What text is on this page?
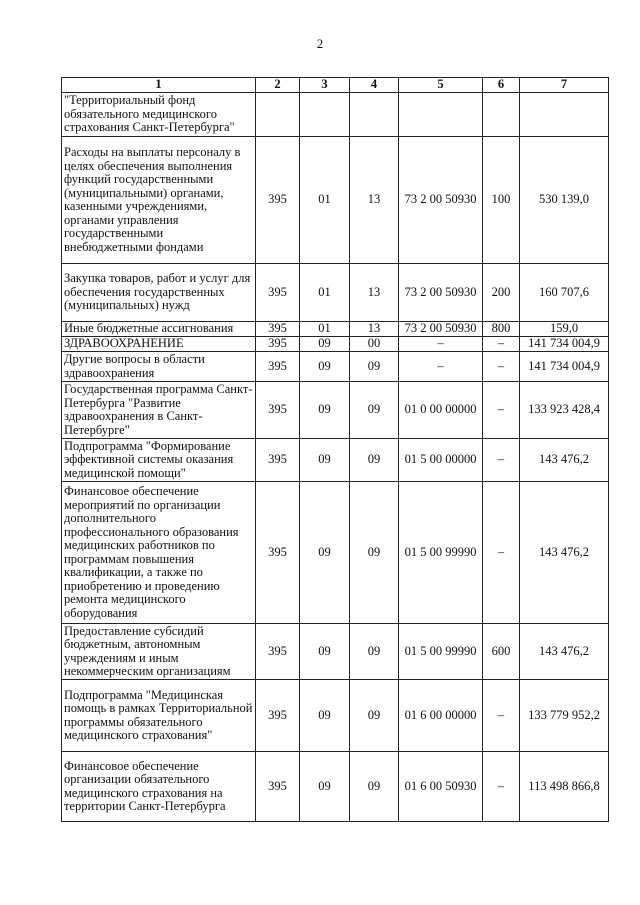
2
1	2	3	4	5	6	7
"Территориальный фонд обязательного медицинского страхования Санкт-Петербурга"						
Расходы на выплаты персоналу в целях обеспечения выполнения функций государственными (муниципальными) органами, казенными учреждениями, органами управления государственными внебюджетными фондами	395	01	13	73 2 00 50930	100	530 139,0
Закупка товаров, работ и услуг для обеспечения государственных (муниципальных) нужд	395	01	13	73 2 00 50930	200	160 707,6
Иные бюджетные ассигнования	395	01	13	73 2 00 50930	800	159,0
ЗДРАВООХРАНЕНИЕ	395	09	00	–	–	141 734 004,9
Другие вопросы в области здравоохранения	395	09	09	–	–	141 734 004,9
Государственная программа Санкт-Петербурга "Развитие здравоохранения в Санкт-Петербурге"	395	09	09	01 0 00 00000	–	133 923 428,4
Подпрограмма "Формирование эффективной системы оказания медицинской помощи"	395	09	09	01 5 00 00000	–	143 476,2
Финансовое обеспечение мероприятий по организации дополнительного профессионального образования медицинских работников по программам повышения квалификации, а также по приобретению и проведению ремонта медицинского оборудования	395	09	09	01 5 00 99990	–	143 476,2
Предоставление субсидий бюджетным, автономным учреждениям и иным некоммерческим организациям	395	09	09	01 5 00 99990	600	143 476,2
Подпрограмма "Медицинская помощь в рамках Территориальной программы обязательного медицинского страхования"	395	09	09	01 6 00 00000	–	133 779 952,2
Финансовое обеспечение организации обязательного медицинского страхования на территории Санкт-Петербурга	395	09	09	01 6 00 50930	–	113 498 866,8
